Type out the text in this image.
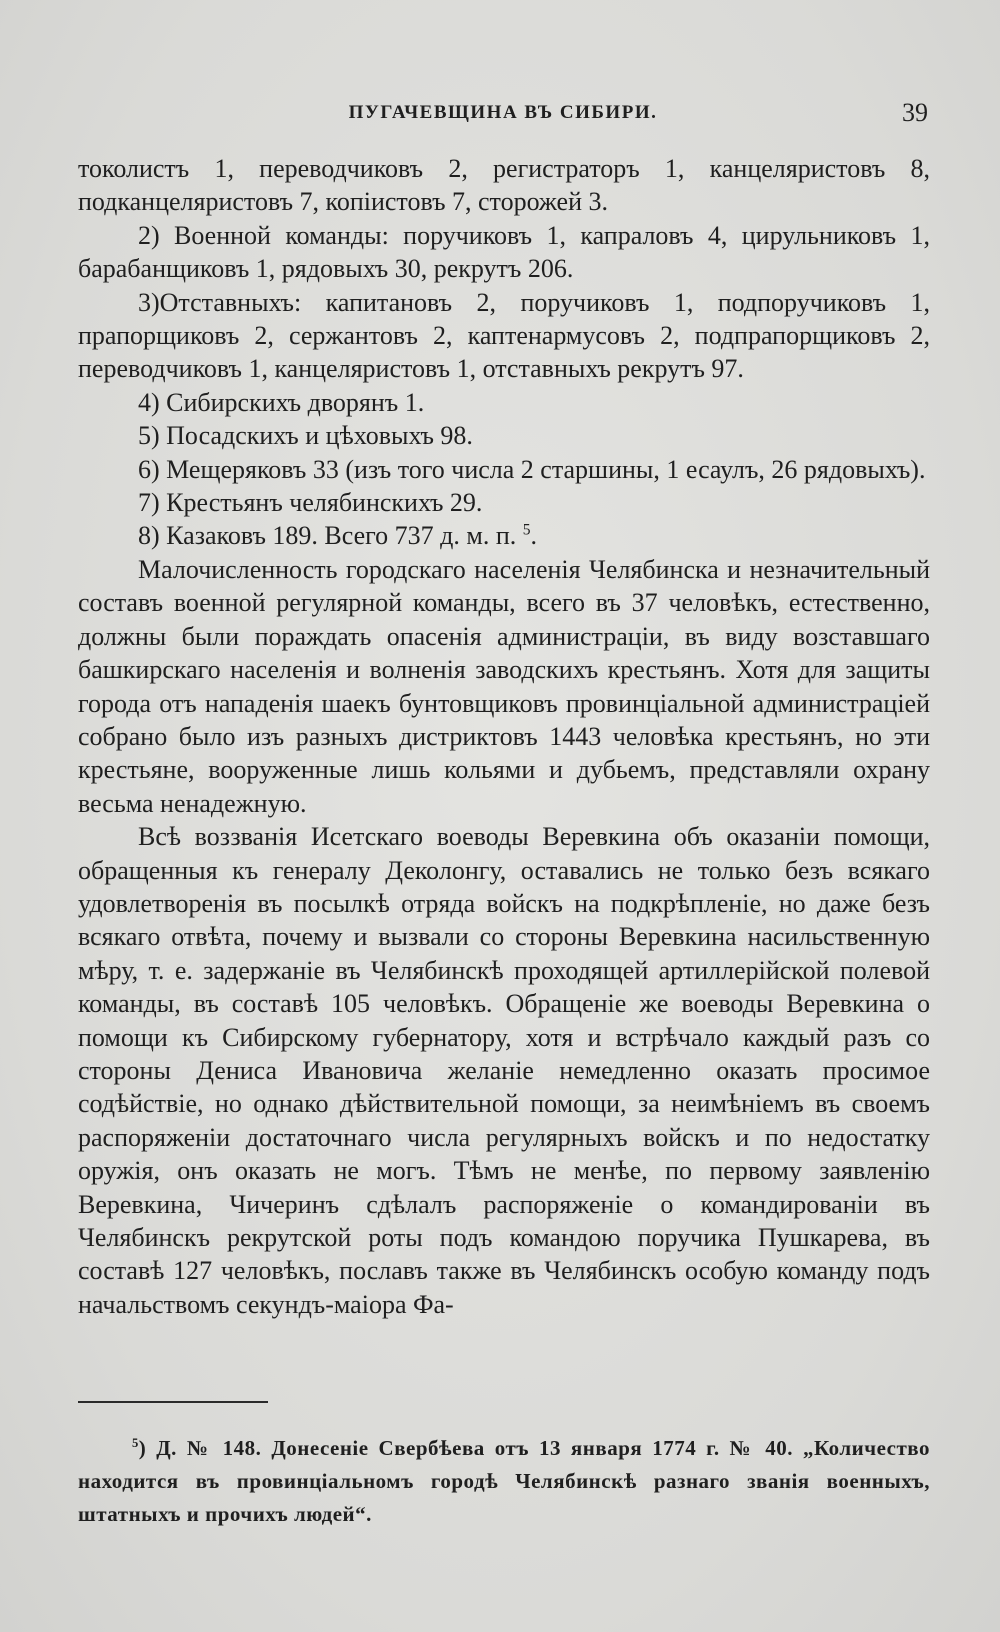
ПУГАЧЕВЩИНА ВЪ СИБИРИ.	39

токолистъ 1, переводчиковъ 2, регистраторъ 1, канцеляристовъ 8, подканцеляристовъ 7, копiистовъ 7, сторожей 3.

2) Военной команды: поручиковъ 1, капраловъ 4, цирульниковъ 1, барабанщиковъ 1, рядовыхъ 30, рекрутъ 206.

3)Отставныхъ: капитановъ 2, поручиковъ 1, подпоручиковъ 1, прапорщиковъ 2, сержантовъ 2, каптенармусовъ 2, подпрапорщиковъ 2, переводчиковъ 1, канцеляристовъ 1, отставныхъ рекрутъ 97.

4) Сибирскихъ дворянъ 1.

5) Посадскихъ и цѣховыхъ 98.

6) Мещеряковъ 33 (изъ того числа 2 старшины, 1 есаулъ, 26 рядовыхъ).

7) Крестьянъ челябинскихъ 29.

8) Казаковъ 189. Всего 737 д. м. п. $^5$.

Малочисленность городскаго населенiя Челябинска и незначительный составъ военной регулярной команды, всего въ 37 человѣкъ, естественно, должны были пораждать опасенiя администрацiи, въ виду возставшаго башкирскаго населенiя и волненiя заводскихъ крестьянъ. Хотя для защиты города отъ нападенiя шаекъ бунтовщиковъ провинцiальной администрацiей собрано было изъ разныхъ дистриктовъ 1443 человѣка крестьянъ, но эти крестьяне, вооруженные лишь кольями и дубьемъ, представляли охрану весьма ненадежную.

Всѣ воззванiя Исетскаго воеводы Веревкина объ оказанiи помощи, обращенныя къ генералу Деколонгу, оставались не только безъ всякаго удовлетворенiя въ посылкѣ отряда войскъ на подкрѣпленiе, но даже безъ всякаго отвѣта, почему и вызвали со стороны Веревкина насильственную мѣру, т. е. задержанiе въ Челябинскѣ проходящей артиллерiйской полевой команды, въ составѣ 105 человѣкъ. Обращенiе же воеводы Веревкина о помощи къ Сибирскому губернатору, хотя и встрѣчало каждый разъ со стороны Дениса Ивановича желанiе немедленно оказать просимое содѣйствiе, но однако дѣйствительной помощи, за неимѣнiемъ въ своемъ распоряженiи достаточнаго числа регулярныхъ войскъ и по недостатку оружiя, онъ оказать не могъ. Тѣмъ не менѣе, по первому заявленiю Веревкина, Чичеринъ сдѣлалъ распоряженiе о командированiи въ Челябинскъ рекрутской роты подъ командою поручика Пушкарева, въ составѣ 127 человѣкъ, пославъ также въ Челябинскъ особую команду подъ начальствомъ секундъ-маiора Фа-

$^5$) Д. № 148. Донесенiе Свербѣева отъ 13 января 1774 г. № 40. „Количество находится въ провинцiальномъ городѣ Челябинскѣ разнаго званiя военныхъ, штатныхъ и прочихъ людей“.
